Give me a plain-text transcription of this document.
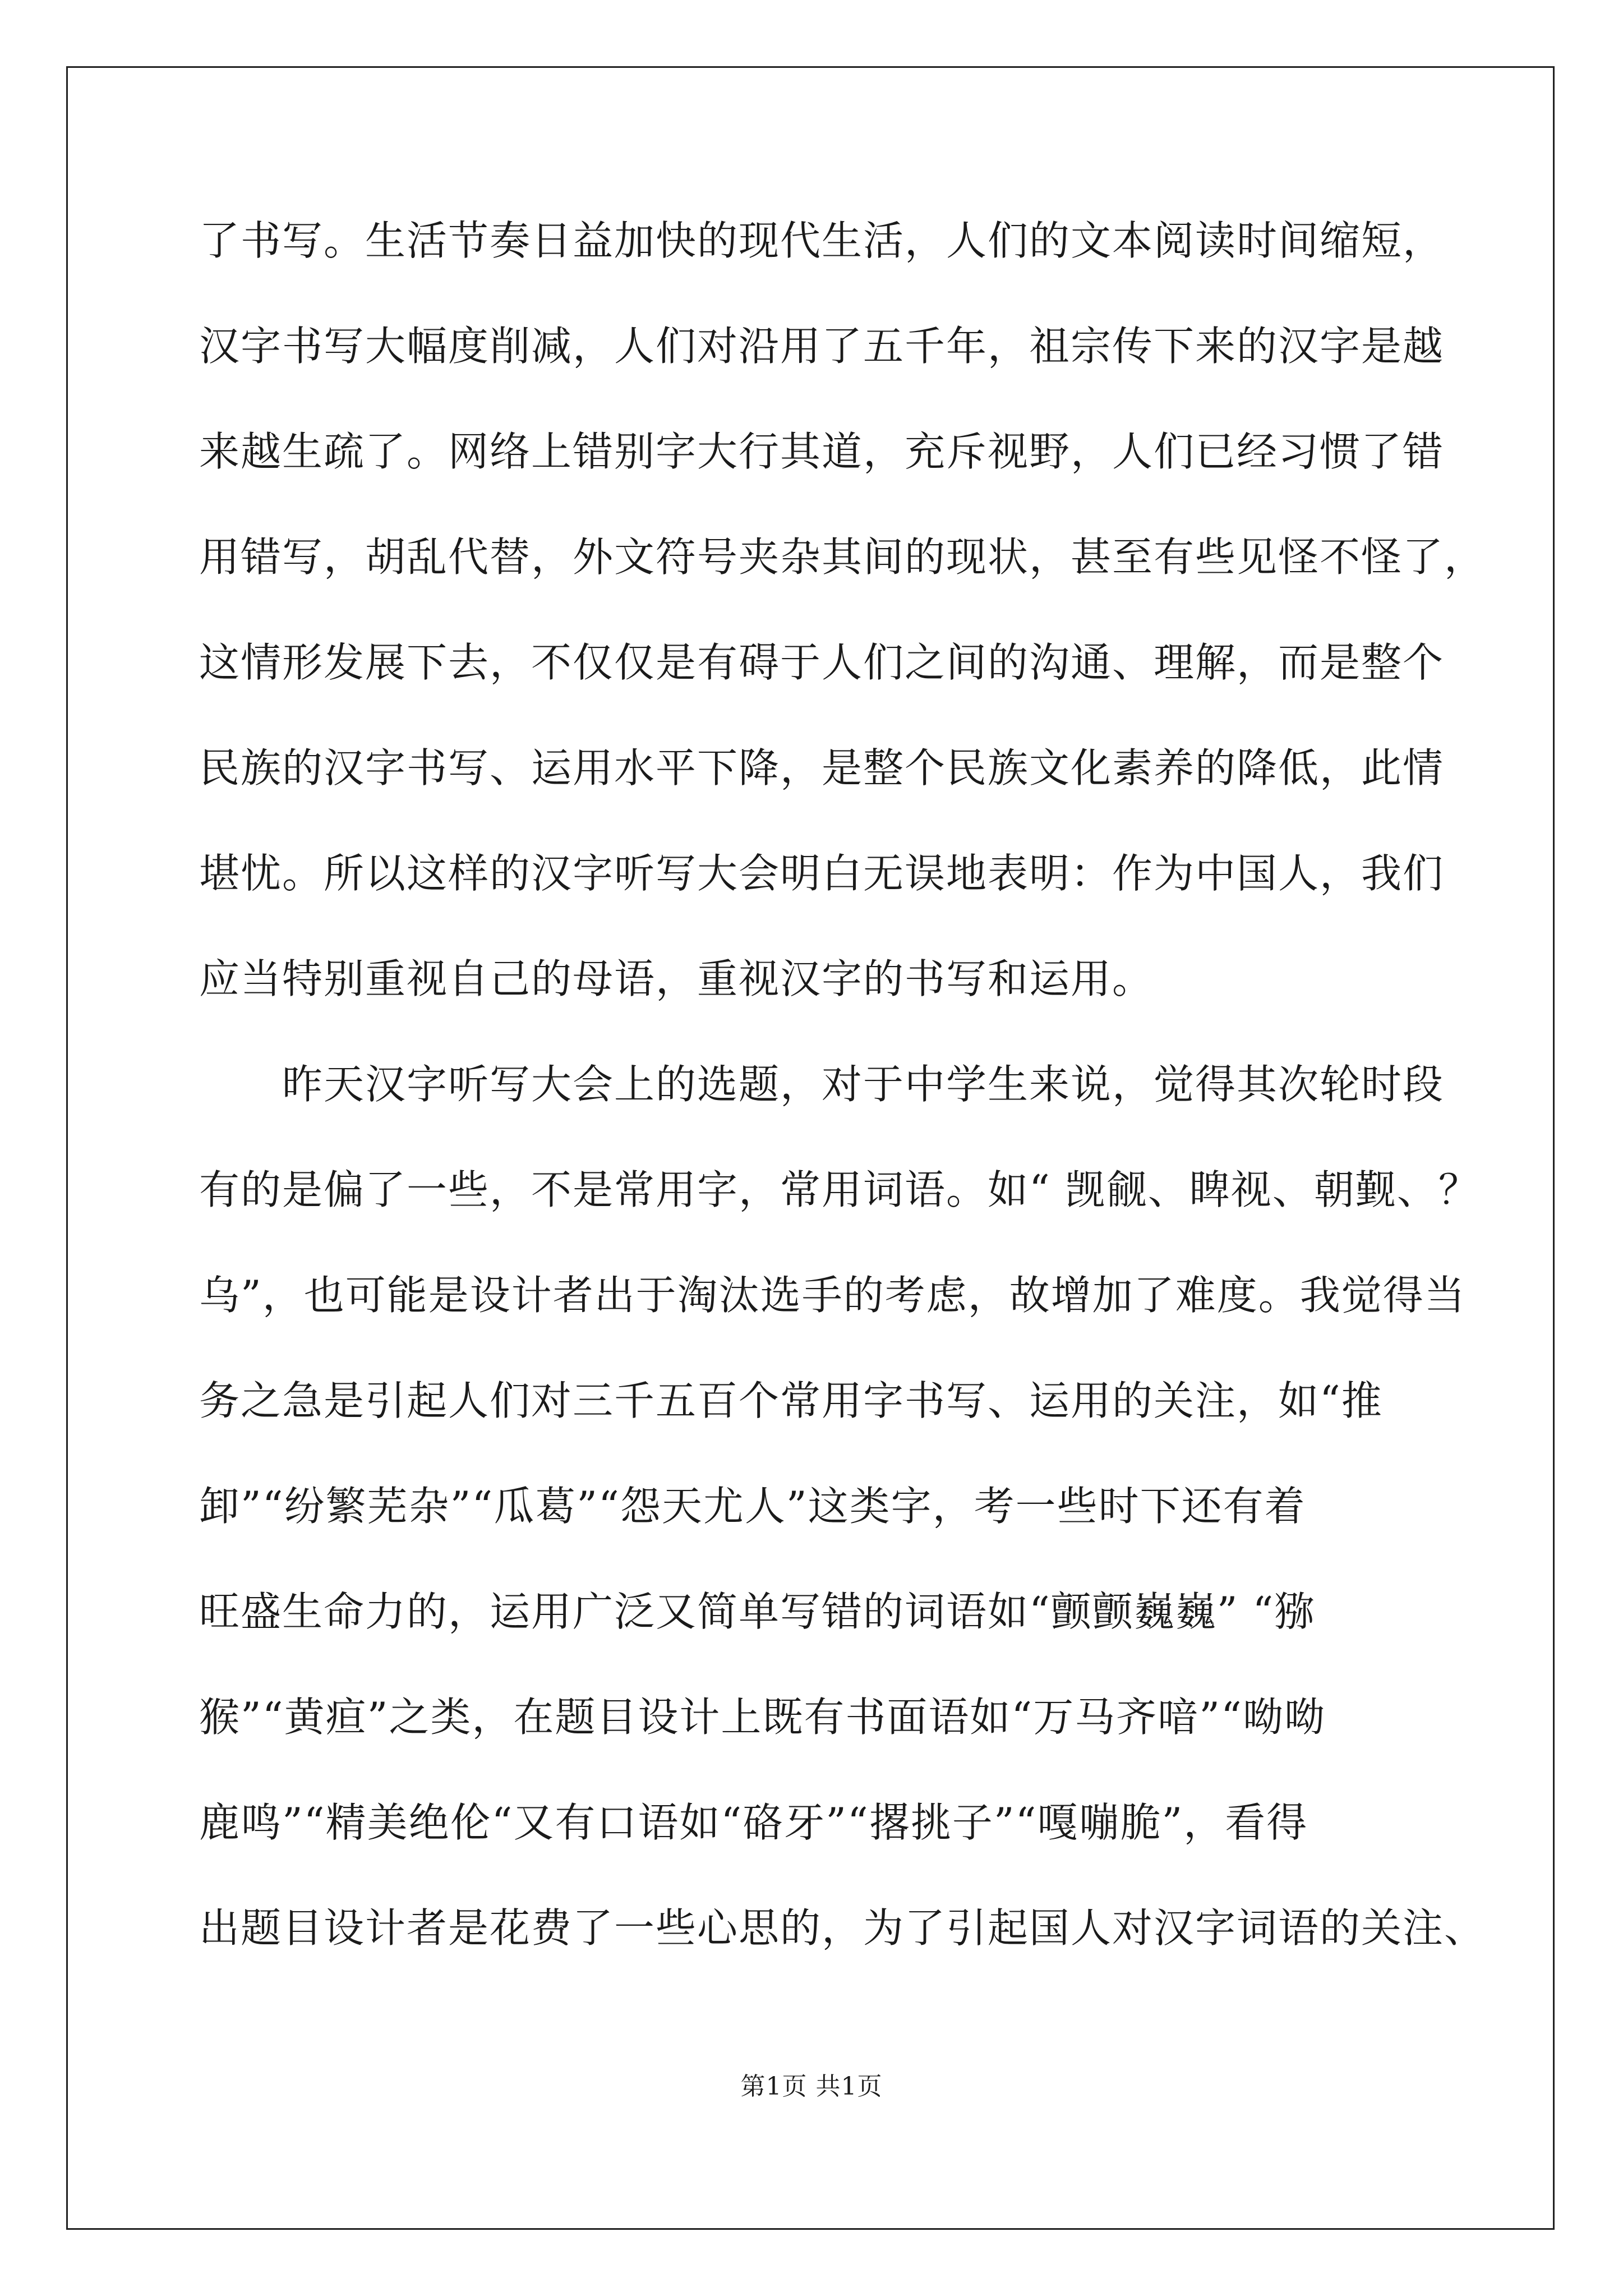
了书写。生活节奏日益加快的现代生活，人们的文本阅读时间缩短，
汉字书写大幅度削减，人们对沿用了五千年，祖宗传下来的汉字是越
来越生疏了。网络上错别字大行其道，充斥视野，人们已经习惯了错
用错写，胡乱代替，外文符号夹杂其间的现状，甚至有些见怪不怪了，
这情形发展下去，不仅仅是有碍于人们之间的沟通、理解，而是整个
民族的汉字书写、运用水平下降，是整个民族文化素养的降低，此情
堪忧。所以这样的汉字听写大会明白无误地表明：作为中国人，我们
应当特别重视自己的母语，重视汉字的书写和运用。
昨天汉字听写大会上的选题，对于中学生来说，觉得其次轮时段
有的是偏了一些，不是常用字，常用词语。如“ 觊觎、睥视、朝觐、？
乌”，也可能是设计者出于淘汰选手的考虑，故增加了难度。我觉得当
务之急是引起人们对三千五百个常用字书写、运用的关注，如“推
卸”“纷繁芜杂”“瓜葛”“怨天尤人”这类字，考一些时下还有着
旺盛生命力的，运用广泛又简单写错的词语如“颤颤巍巍” “猕
猴”“黄疸”之类，在题目设计上既有书面语如“万马齐喑”“呦呦
鹿鸣”“精美绝伦“又有口语如“硌牙”“撂挑子”“嘎嘣脆”，看得
出题目设计者是花费了一些心思的，为了引起国人对汉字词语的关注、
第1页 共1页
